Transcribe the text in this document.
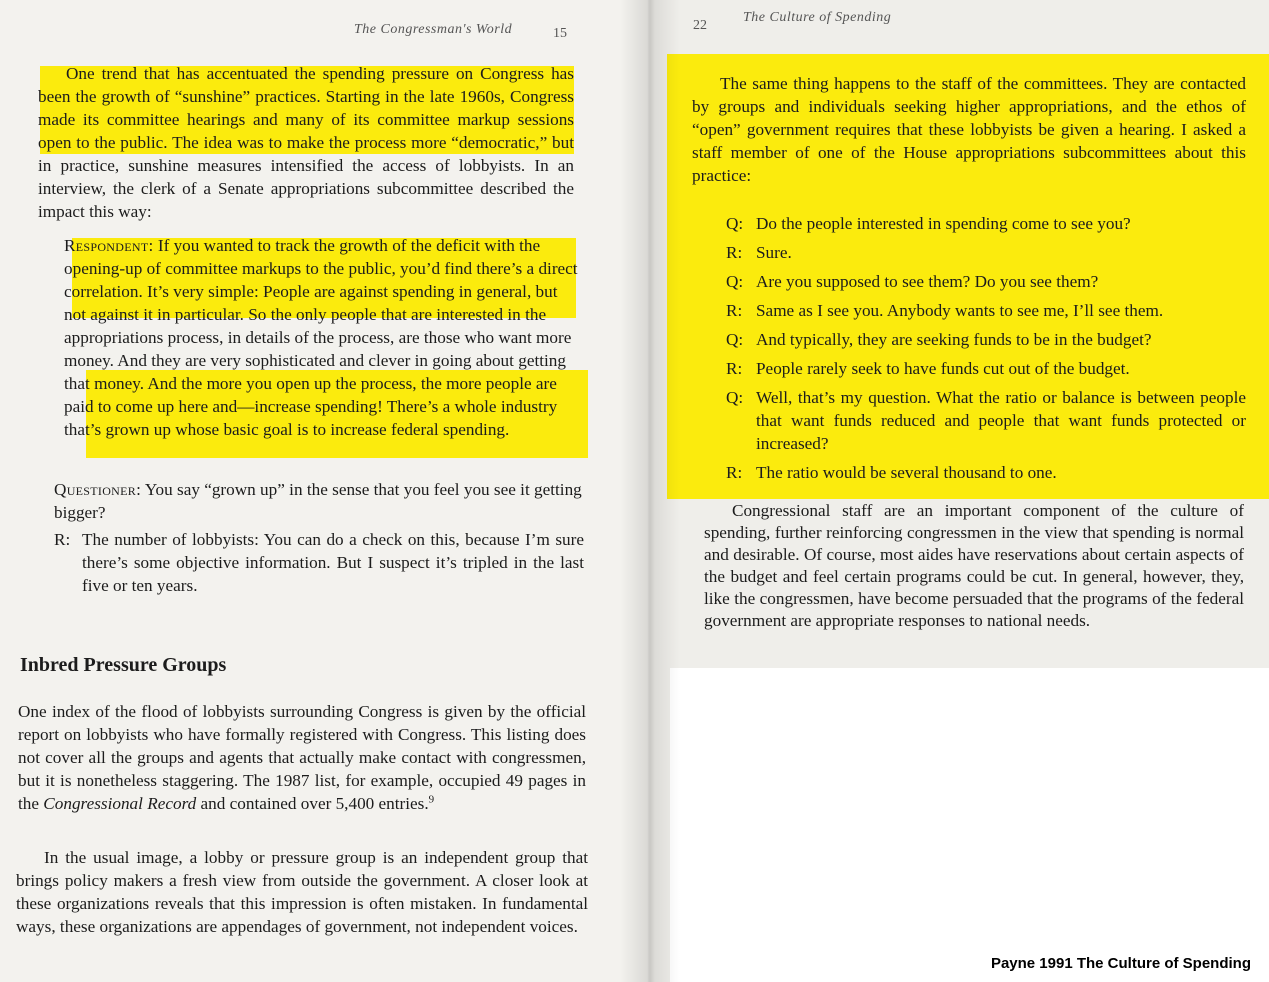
The Congressman's World	15

One trend that has accentuated the spending pressure on Congress has been the growth of “sunshine” practices. Starting in the late 1960s, Congress made its committee hearings and many of its committee markup sessions open to the public. The idea was to make the process more “democratic,” but in practice, sunshine measures intensified the access of lobbyists. In an interview, the clerk of a Senate appropriations subcommittee described the impact this way:

Respondent: If you wanted to track the growth of the deficit with the opening-up of committee markups to the public, you’d find there’s a direct correlation. It’s very simple: People are against spending in general, but not against it in particular. So the only people that are interested in the appropriations process, in details of the process, are those who want more money. And they are very sophisticated and clever in going about getting that money. And the more you open up the process, the more people are paid to come up here and—increase spending! There’s a whole industry that’s grown up whose basic goal is to increase federal spending.
Questioner: You say “grown up” in the sense that you feel you see it getting bigger?
R: The number of lobbyists: You can do a check on this, because I’m sure there’s some objective information. But I suspect it’s tripled in the last five or ten years.
Inbred Pressure Groups

One index of the flood of lobbyists surrounding Congress is given by the official report on lobbyists who have formally registered with Congress. This listing does not cover all the groups and agents that actually make contact with congressmen, but it is nonetheless staggering. The 1987 list, for example, occupied 49 pages in the Congressional Record and contained over 5,400 entries.$^9$

In the usual image, a lobby or pressure group is an independent group that brings policy makers a fresh view from outside the government. A closer look at these organizations reveals that this impression is often mistaken. In fundamental ways, these organizations are appendages of government, not independent voices.

22
The Culture of Spending

The same thing happens to the staff of the committees. They are contacted by groups and individuals seeking higher appropriations, and the ethos of “open” government requires that these lobbyists be given a hearing. I asked a staff member of one of the House appropriations subcommittees about this practice:

Q: Do the people interested in spending come to see you?
R: Sure.
Q: Are you supposed to see them? Do you see them?
R: Same as I see you. Anybody wants to see me, I’ll see them.
Q: And typically, they are seeking funds to be in the budget?
R: People rarely seek to have funds cut out of the budget.
Q: Well, that’s my question. What the ratio or balance is between people that want funds reduced and people that want funds protected or increased?
R: The ratio would be several thousand to one.

Congressional staff are an important component of the culture of spending, further reinforcing congressmen in the view that spending is normal and desirable. Of course, most aides have reservations about certain aspects of the budget and feel certain programs could be cut. In general, however, they, like the congressmen, have become persuaded that the programs of the federal government are appropriate responses to national needs.

Payne 1991 The Culture of Spending
